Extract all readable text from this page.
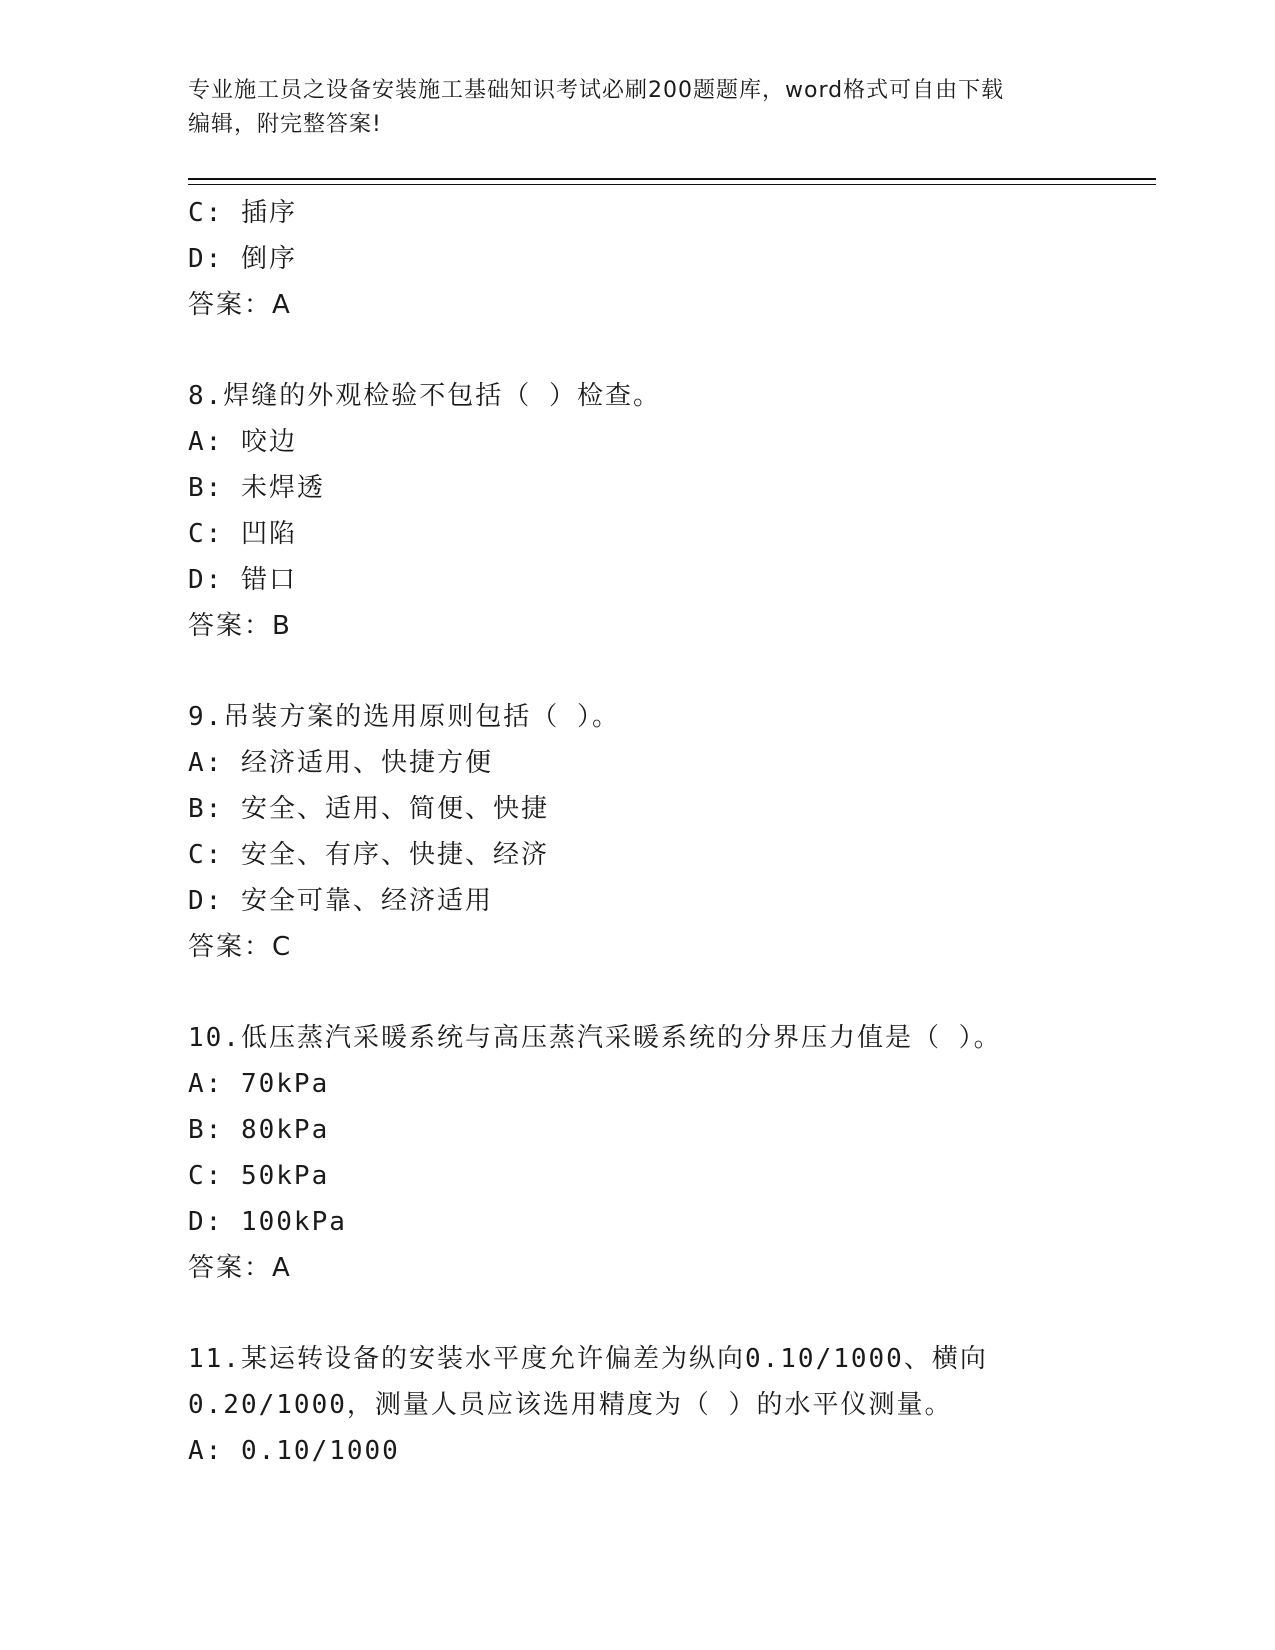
专业施工员之设备安装施工基础知识考试必刷200题题库，word格式可自由下载
编辑，附完整答案!
C: 插序
D: 倒序
答案：A
8.焊缝的外观检验不包括（ ）检查。
A: 咬边
B: 未焊透
C: 凹陷
D: 错口
答案：B
9.吊装方案的选用原则包括（ ）。
A: 经济适用、快捷方便
B: 安全、适用、简便、快捷
C: 安全、有序、快捷、经济
D: 安全可靠、经济适用
答案：C
10.低压蒸汽采暖系统与高压蒸汽采暖系统的分界压力值是（ ）。
A: 70kPa
B: 80kPa
C: 50kPa
D: 100kPa
答案：A
11.某运转设备的安装水平度允许偏差为纵向0.10/1000、横向
0.20/1000，测量人员应该选用精度为（ ）的水平仪测量。
A: 0.10/1000
